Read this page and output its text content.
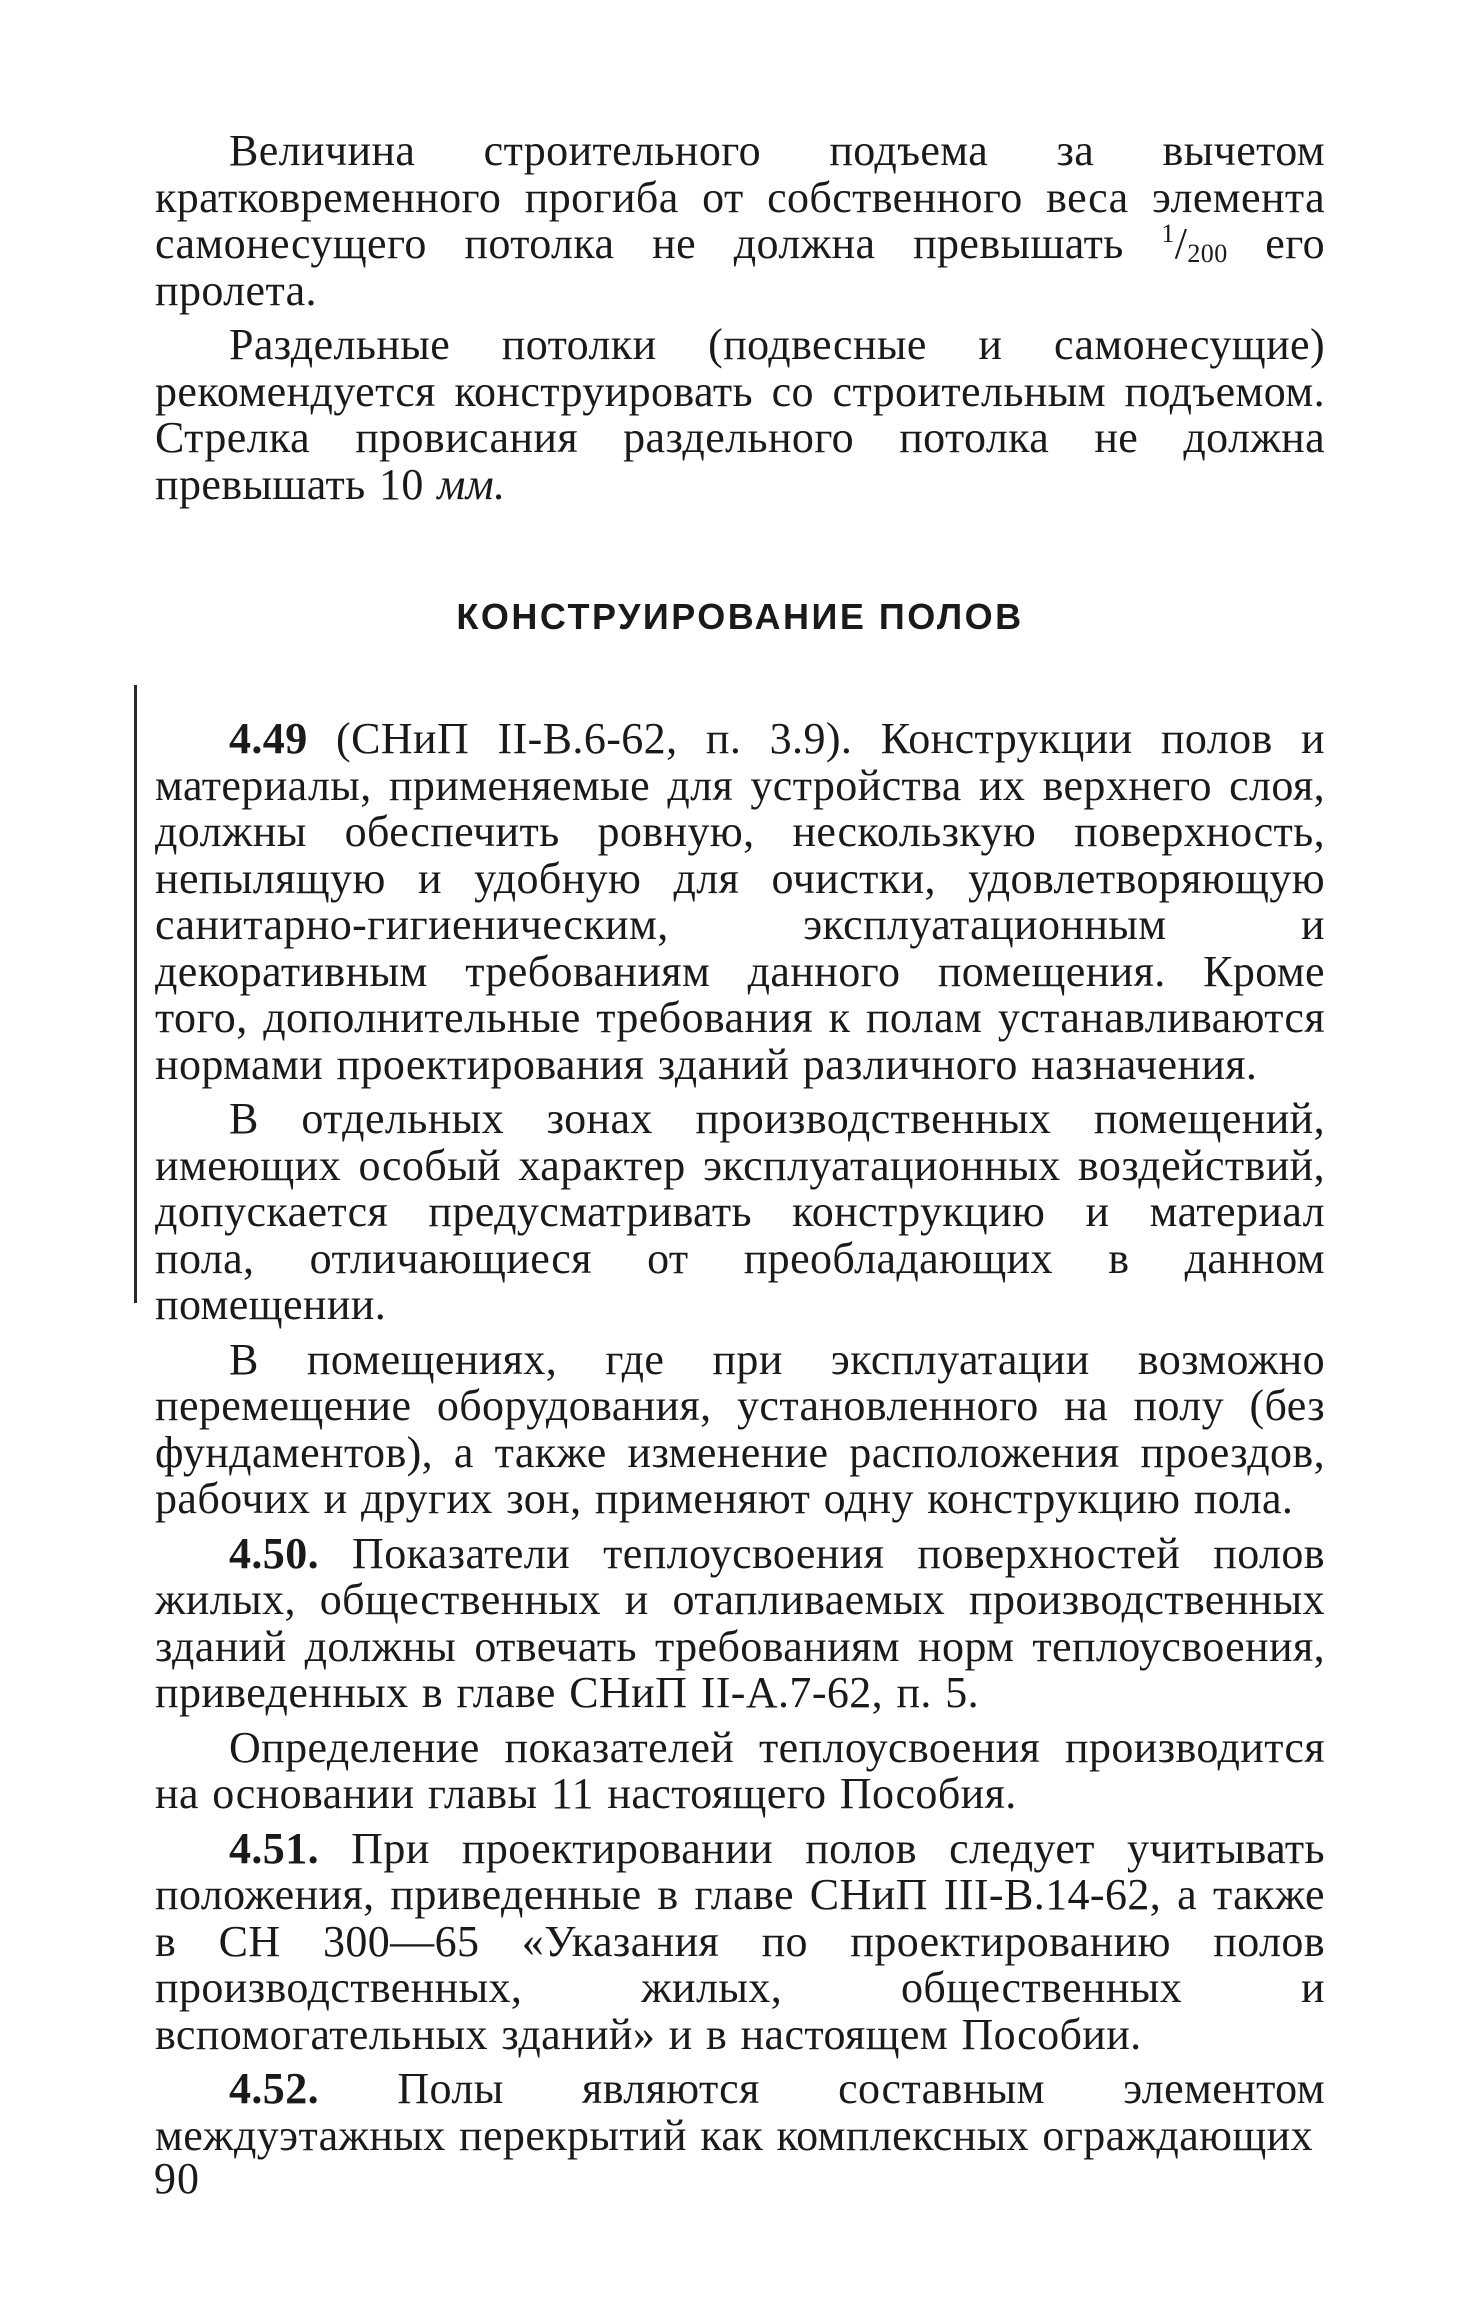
Величина строительного подъема за вычетом кратковременного прогиба от собственного веса элемента самонесущего потолка не должна превышать $^1$/200 его пролета.

Раздельные потолки (подвесные и самонесущие) рекомендуется конструировать со строительным подъемом. Стрелка провисания раздельного потолка не должна превышать 10 мм.

КОНСТРУИРОВАНИЕ ПОЛОВ

4.49 (СНиП II-В.6-62, п. 3.9). Конструкции полов и материалы, применяемые для устройства их верхнего слоя, должны обеспечить ровную, нескользкую поверхность, непылящую и удобную для очистки, удовлетворяющую санитарно-гигиеническим, эксплуатационным и декоративным требованиям данного помещения. Кроме того, дополнительные требования к полам устанавливаются нормами проектирования зданий различного назначения.

В отдельных зонах производственных помещений, имеющих особый характер эксплуатационных воздействий, допускается предусматривать конструкцию и материал пола, отличающиеся от преобладающих в данном помещении.

В помещениях, где при эксплуатации возможно перемещение оборудования, установленного на полу (без фундаментов), а также изменение расположения проездов, рабочих и других зон, применяют одну конструкцию пола.

4.50. Показатели теплоусвоения поверхностей полов жилых, общественных и отапливаемых производственных зданий должны отвечать требованиям норм теплоусвоения, приведенных в главе СНиП II-А.7-62, п. 5.

Определение показателей теплоусвоения производится на основании главы 11 настоящего Пособия.

4.51. При проектировании полов следует учитывать положения, приведенные в главе СНиП III-В.14-62, а также в СН 300—65 «Указания по проектированию полов производственных, жилых, общественных и вспомогательных зданий» и в настоящем Пособии.

4.52. Полы являются составным элементом междуэтажных перекрытий как комплексных ограждающих

90
